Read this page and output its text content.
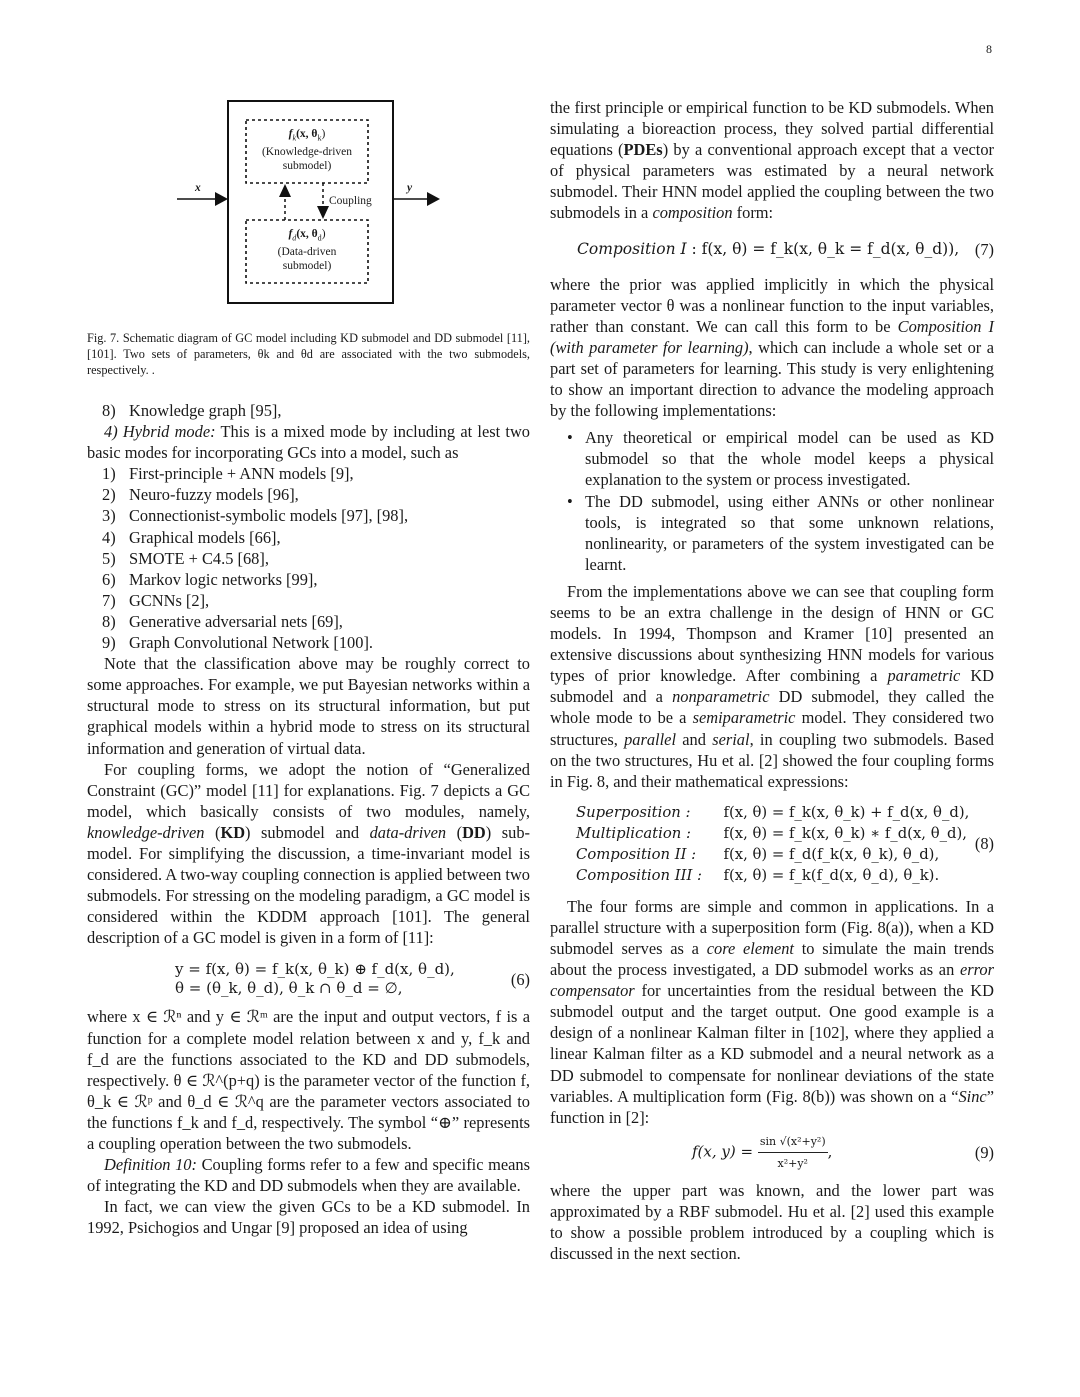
8
x	y
Coupling
$f_k(x$, $\theta_k$)
(Knowledge-driven
submodel)
$f_d(x$, $\theta_d$)
(Data-driven
submodel)

Fig. 7. Schematic diagram of GC model including KD submodel and DD submodel [11], [101]. Two sets of parameters, θk and θd are associated with the two submodels, respectively. .

8) Knowledge graph [95],

4) Hybrid mode: This is a mixed mode by including at lest two basic modes for incorporating GCs into a model, such as

1) First-principle + ANN models [9],
2) Neuro-fuzzy models [96],
3) Connectionist-symbolic models [97], [98],
4) Graphical models [66],
5) SMOTE + C4.5 [68],
6) Markov logic networks [99],
7) GCNNs [2],
8) Generative adversarial nets [69],
9) Graph Convolutional Network [100].

Note that the classification above may be roughly correct to some approaches. For example, we put Bayesian networks within a structural mode to stress on its structural information, but put graphical models within a hybrid mode to stress on its structural information and generation of virtual data.

For coupling forms, we adopt the notion of “Generalized Constraint (GC)” model [11] for explanations. Fig. 7 depicts a GC model, which basically consists of two modules, namely, knowledge-driven (KD) submodel and data-driven (DD) sub-model. For simplifying the discussion, a time-invariant model is considered. A two-way coupling connection is applied between two submodels. For stressing on the modeling paradigm, a GC model is considered within the KDDM approach [101]. The general description of a GC model is given in a form of [11]:

y = f(x, θ) = f_k(x, θ_k) ⊕ f_d(x, θ_d),
θ = (θ_k, θ_d), θ_k ∩ θ_d = ∅,	(6)

where x ∈ ℛⁿ and y ∈ ℛᵐ are the input and output vectors, f is a function for a complete model relation between x and y, f_k and f_d are the functions associated to the KD and DD submodels, respectively. θ ∈ ℛ^(p+q) is the parameter vector of the function f, θ_k ∈ ℛᵖ and θ_d ∈ ℛ^q are the parameter vectors associated to the functions f_k and f_d, respectively. The symbol “⊕” represents a coupling operation between the two submodels.

Definition 10: Coupling forms refer to a few and specific means of integrating the KD and DD submodels when they are available.

In fact, we can view the given GCs to be a KD submodel. In 1992, Psichogios and Ungar [9] proposed an idea of using

the first principle or empirical function to be KD submodels. When simulating a bioreaction process, they solved partial differential equations (PDEs) by a conventional approach except that a vector of physical parameters was estimated by a neural network submodel. Their HNN model applied the coupling between the two submodels in a composition form:

Composition I : f(x, θ) = f_k(x, θ_k = f_d(x, θ_d)), (7)

where the prior was applied implicitly in which the physical parameter vector θ was a nonlinear function to the input variables, rather than constant. We can call this form to be Composition I (with parameter for learning), which can include a whole set or a part set of parameters for learning. This study is very enlightening to show an important direction to advance the modeling approach by the following implementations:

• Any theoretical or empirical model can be used as KD submodel so that the whole model keeps a physical explanation to the system or process investigated.
• The DD submodel, using either ANNs or other nonlinear tools, is integrated so that some unknown relations, nonlinearity, or parameters of the system investigated can be learnt.

From the implementations above we can see that coupling form seems to be an extra challenge in the design of HNN or GC models. In 1994, Thompson and Kramer [10] presented an extensive discussions about synthesizing HNN models for various types of prior knowledge. After combining a parametric KD submodel and a nonparametric DD submodel, they called the whole mode to be a semiparametric model. They considered two structures, parallel and serial, in coupling two submodels. Based on the two structures, Hu et al. [2] showed the four coupling forms in Fig. 8, and their mathematical expressions:

Superposition :	f(x, θ) = f_k(x, θ_k) + f_d(x, θ_d),
Multiplication :	f(x, θ) = f_k(x, θ_k) ∗ f_d(x, θ_d),
Composition II :	f(x, θ) = f_d(f_k(x, θ_k), θ_d),
Composition III :	f(x, θ) = f_k(f_d(x, θ_d), θ_k).
(8)

The four forms are simple and common in applications. In a parallel structure with a superposition form (Fig. 8(a)), when a KD submodel serves as a core element to simulate the main trends about the process investigated, a DD submodel works as an error compensator for uncertainties from the residual between the KD submodel output and the target output. One good example is a design of a nonlinear Kalman filter in [102], where they applied a linear Kalman filter as a KD submodel and a neural network as a DD submodel to compensate for nonlinear deviations of the state variables. A multiplication form (Fig. 8(b)) was shown on a “Sinc” function in [2]:

f(x, $y) = \frac{\text{sin √(x²+y²)}}{\text{x²+y²}}$ ,	(9)

where the upper part was known, and the lower part was approximated by a RBF submodel. Hu et al. [2] used this example to show a possible problem introduced by a coupling which is discussed in the next section.
